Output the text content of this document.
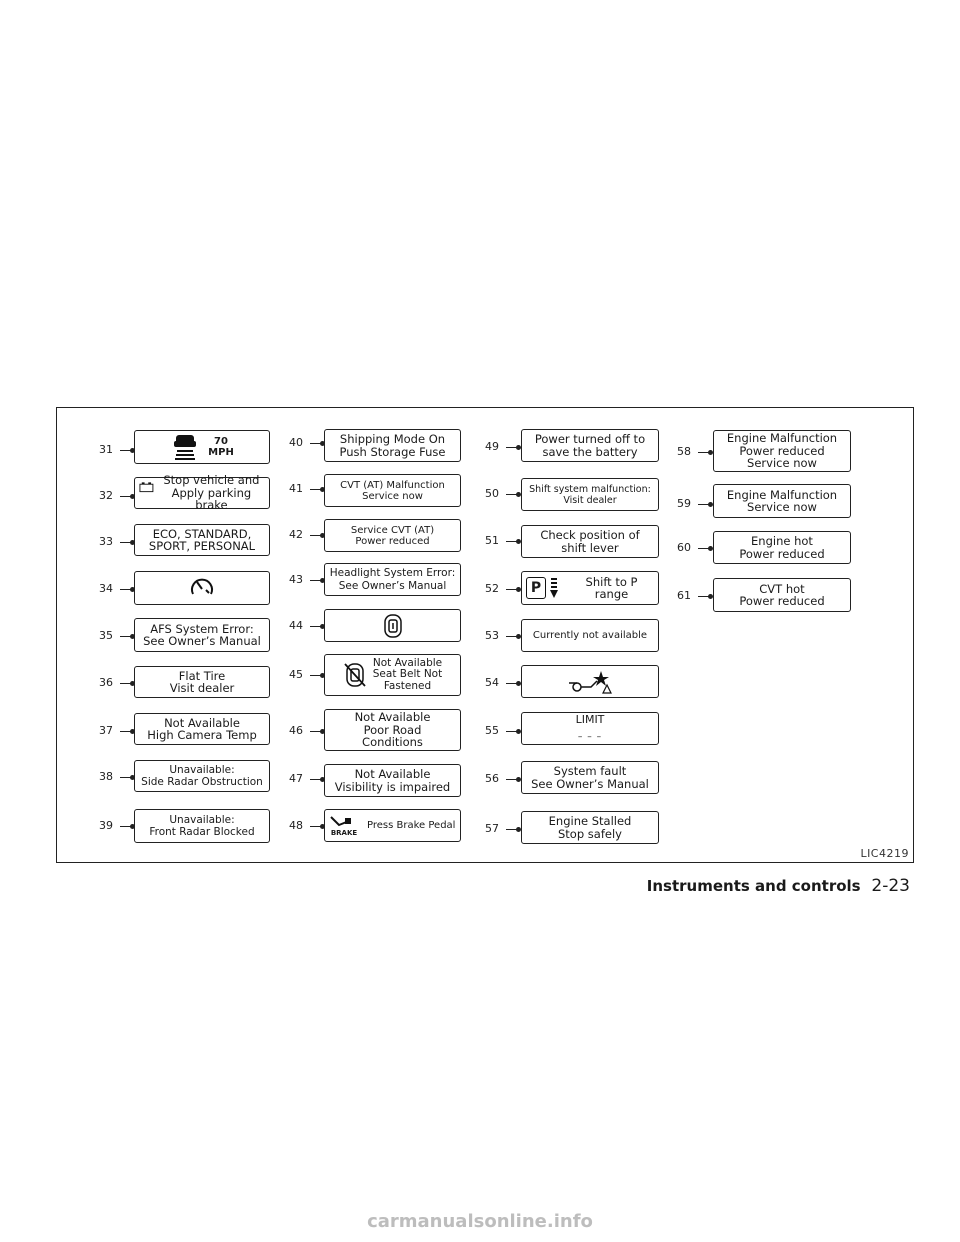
31
70
MPH
32
Stop vehicle and
Apply parking brake
33
ECO, STANDARD,
SPORT, PERSONAL
34
35	AFS System Error:
See Owner’s Manual
36	Flat Tire
Visit dealer
37
Not Available
High Camera Temp
38
Unavailable:
Side Radar Obstruction
39	Unavailable:
Front Radar Blocked
40	Shipping Mode On
Push Storage Fuse
41	CVT (AT) Malfunction
Service now
42	Service CVT (AT)
Power reduced
43	Headlight System Error:
See Owner’s Manual
44
45
Not Available
Seat Belt Not
Fastened
46
Not Available
Poor Road
Conditions
47	Not Available
Visibility is impaired
48
BRAKE
Press Brake Pedal
49
Power turned off to
save the battery
50	Shift system malfunction:
Visit dealer
51	Check position of
shift lever
52	P	Shift to P range
53	Currently not available
54
55
LIMIT
– – –
56
System fault
See Owner’s Manual
57
Engine Stalled
Stop safely
58
Engine Malfunction
Power reduced
Service now
59
Engine Malfunction
Service now
60	Engine hot
Power reduced
61	CVT hot
Power reduced
LIC4219
Instruments and controls 2-23
carmanualsonline.info
